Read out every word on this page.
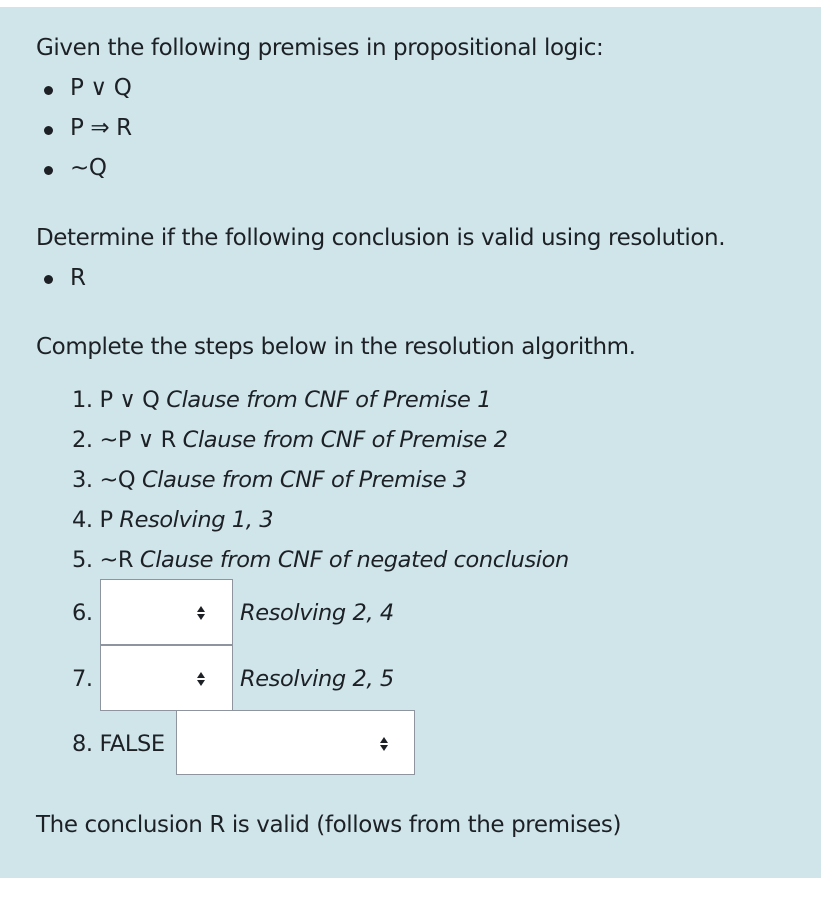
Given the following premises in propositional logic:
P ∨ Q
P ⇒ R
~Q
Determine if the following conclusion is valid using resolution.
R
Complete the steps below in the resolution algorithm.
1. P ∨ Q Clause from CNF of Premise 1
2. ~P ∨ R Clause from CNF of Premise 2
3. ~Q Clause from CNF of Premise 3
4. P Resolving 1, 3
5. ~R Clause from CNF of negated conclusion
6.	Resolving 2, 4
7.	Resolving 2, 5
8. FALSE
The conclusion R is valid (follows from the premises)
